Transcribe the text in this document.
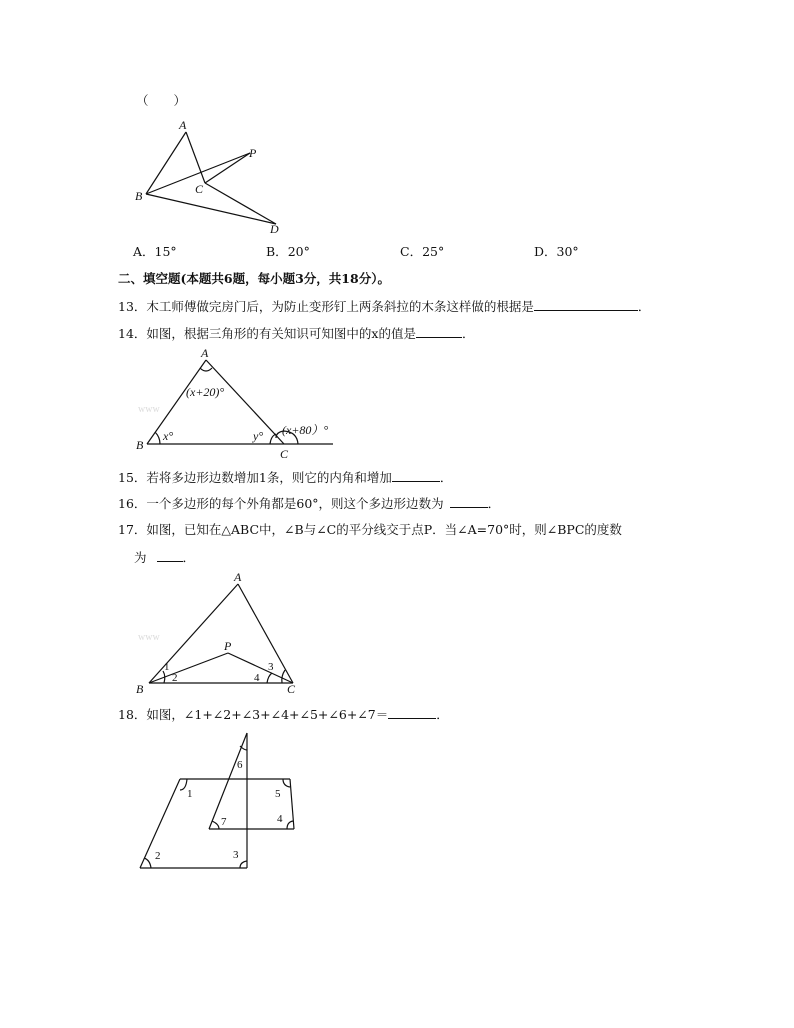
（　　）
A
P
C
B
D
A．15°	B．20°	C．25°	D．30°
二、填空题(本题共6题，每小题3分，共18分）。
13．木工师傅做完房门后，为防止变形钉上两条斜拉的木条这样做的根据是	．
14．如图，根据三角形的有关知识可知图中的x的值是	．
www
A
(x+20)°
x°	y° (x+80）°
B
C
15．若将多边形边数增加1条，则它的内角和增加	．
16．一个多边形的每个外角都是60°，则这个多边形边数为	．
17．如图，已知在△ABC中，∠B与∠C的平分线交于点P．当∠A=70°时，则∠BPC的度数
为	．
www
A
P
1
2
3
4
B	C
18．如图，∠1+∠2+∠3+∠4+∠5+∠6+∠7＝	．
1
6
5
7	4
2	3
